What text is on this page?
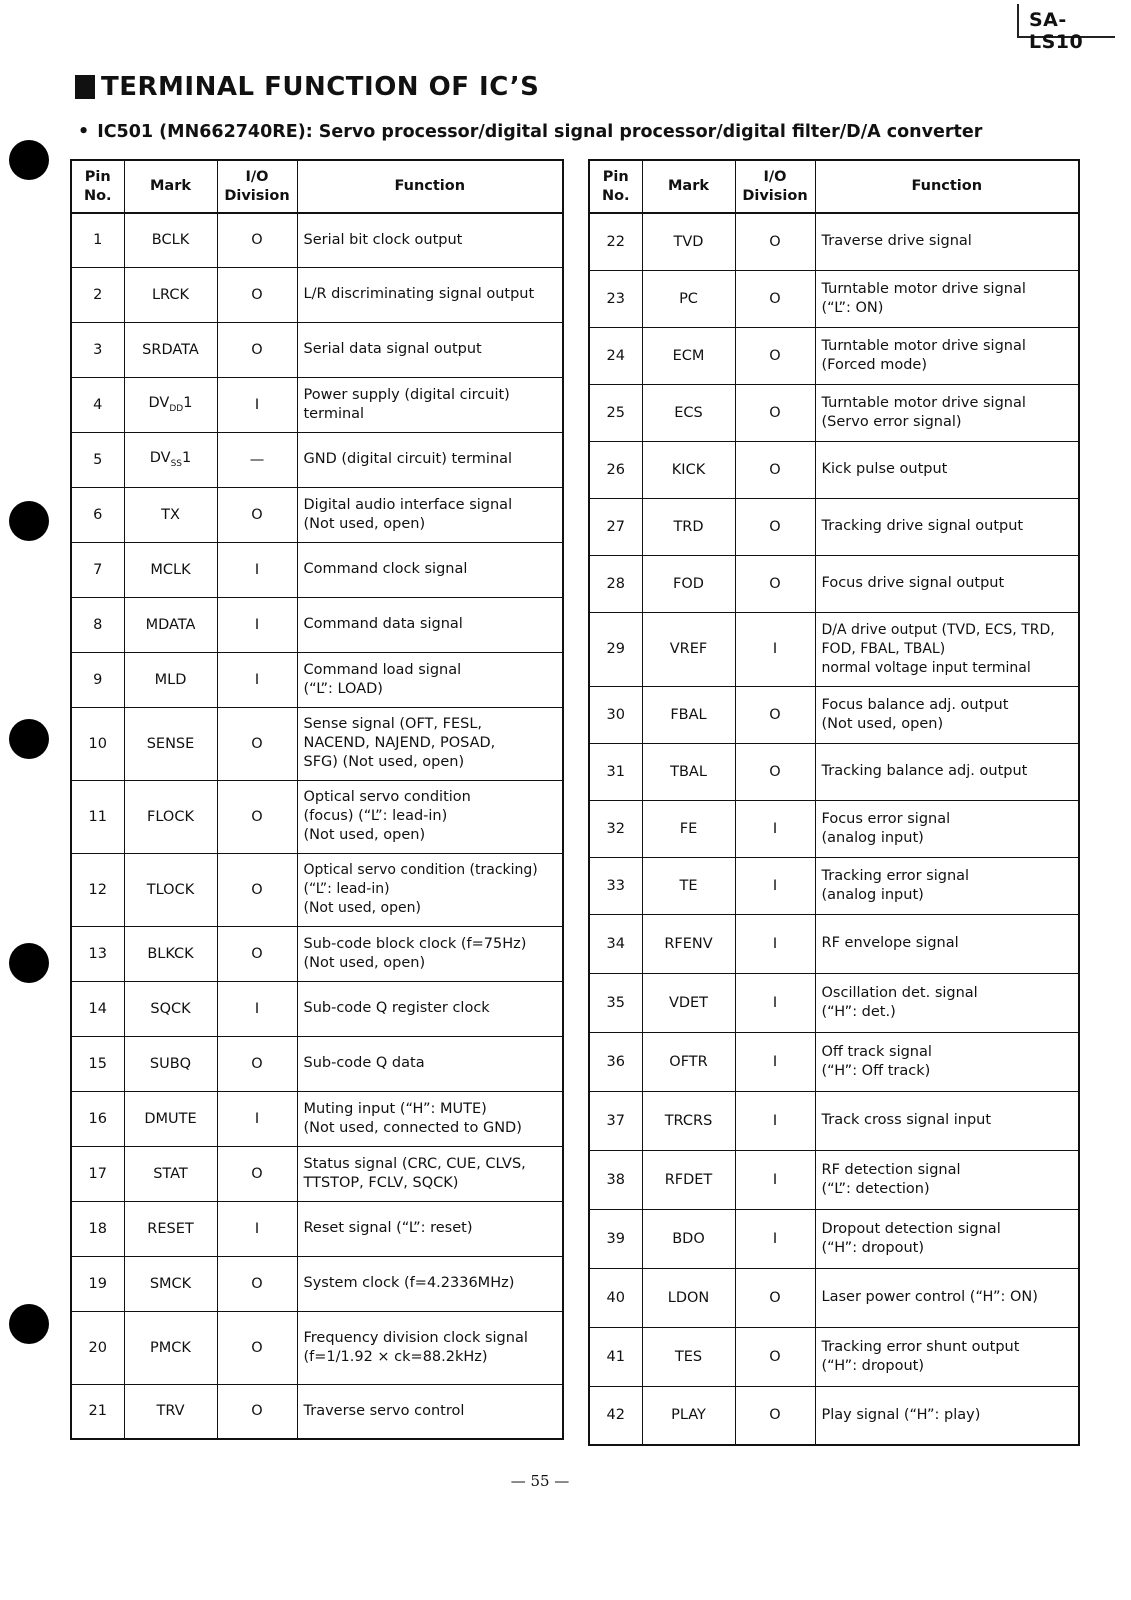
SA-LS10
TERMINAL FUNCTION OF IC’S
• IC501 (MN662740RE): Servo processor/digital signal processor/digital filter/D/A converter
Pin
No.	Mark	I/O
Division	Function
1	BCLK	O	Serial bit clock output
2	LRCK	O	L/R discriminating signal output
3	SRDATA	O	Serial data signal output
4	$DV_{DD}1$	I	Power supply (digital circuit)
terminal
5	$DV_{SS}1$	—	GND (digital circuit) terminal
6	TX	O	Digital audio interface signal
(Not used, open)
7	MCLK	I	Command clock signal
8	MDATA	I	Command data signal
9	MLD	I	Command load signal
(“L”: LOAD)
10	SENSE	O	Sense signal (OFT, FESL,
NACEND, NAJEND, POSAD,
SFG) (Not used, open)
11	FLOCK	O	Optical servo condition
(focus) (“L”: lead-in)
(Not used, open)
12	TLOCK	O	Optical servo condition (tracking)
(“L”: lead-in)
(Not used, open)
13	BLKCK	O	Sub-code block clock (f=75Hz)
(Not used, open)
14	SQCK	I	Sub-code Q register clock
15	SUBQ	O	Sub-code Q data
16	DMUTE	I	Muting input (“H”: MUTE)
(Not used, connected to GND)
17	STAT	O	Status signal (CRC, CUE, CLVS,
TTSTOP, FCLV, SQCK)
18	RESET	I	Reset signal (“L”: reset)
19	SMCK	O	System clock (f=4.2336MHz)
20	PMCK	O	Frequency division clock signal
(f=1/1.92 × ck=88.2kHz)
21	TRV	O	Traverse servo control
Pin
No.	Mark	I/O
Division	Function
22	TVD	O	Traverse drive signal
23	PC	O	Turntable motor drive signal
(“L”: ON)
24	ECM	O	Turntable motor drive signal
(Forced mode)
25	ECS	O	Turntable motor drive signal
(Servo error signal)
26	KICK	O	Kick pulse output
27	TRD	O	Tracking drive signal output
28	FOD	O	Focus drive signal output
29	VREF	I	D/A drive output (TVD, ECS, TRD,
FOD, FBAL, TBAL)
normal voltage input terminal
30	FBAL	O	Focus balance adj. output
(Not used, open)
31	TBAL	O	Tracking balance adj. output
32	FE	I	Focus error signal
(analog input)
33	TE	I	Tracking error signal
(analog input)
34	RFENV	I	RF envelope signal
35	VDET	I	Oscillation det. signal
(“H”: det.)
36	OFTR	I	Off track signal
(“H”: Off track)
37	TRCRS	I	Track cross signal input
38	RFDET	I	RF detection signal
(“L”: detection)
39	BDO	I	Dropout detection signal
(“H”: dropout)
40	LDON	O	Laser power control (“H”: ON)
41	TES	O	Tracking error shunt output
(“H”: dropout)
42	PLAY	O	Play signal (“H”: play)
— 55 —
